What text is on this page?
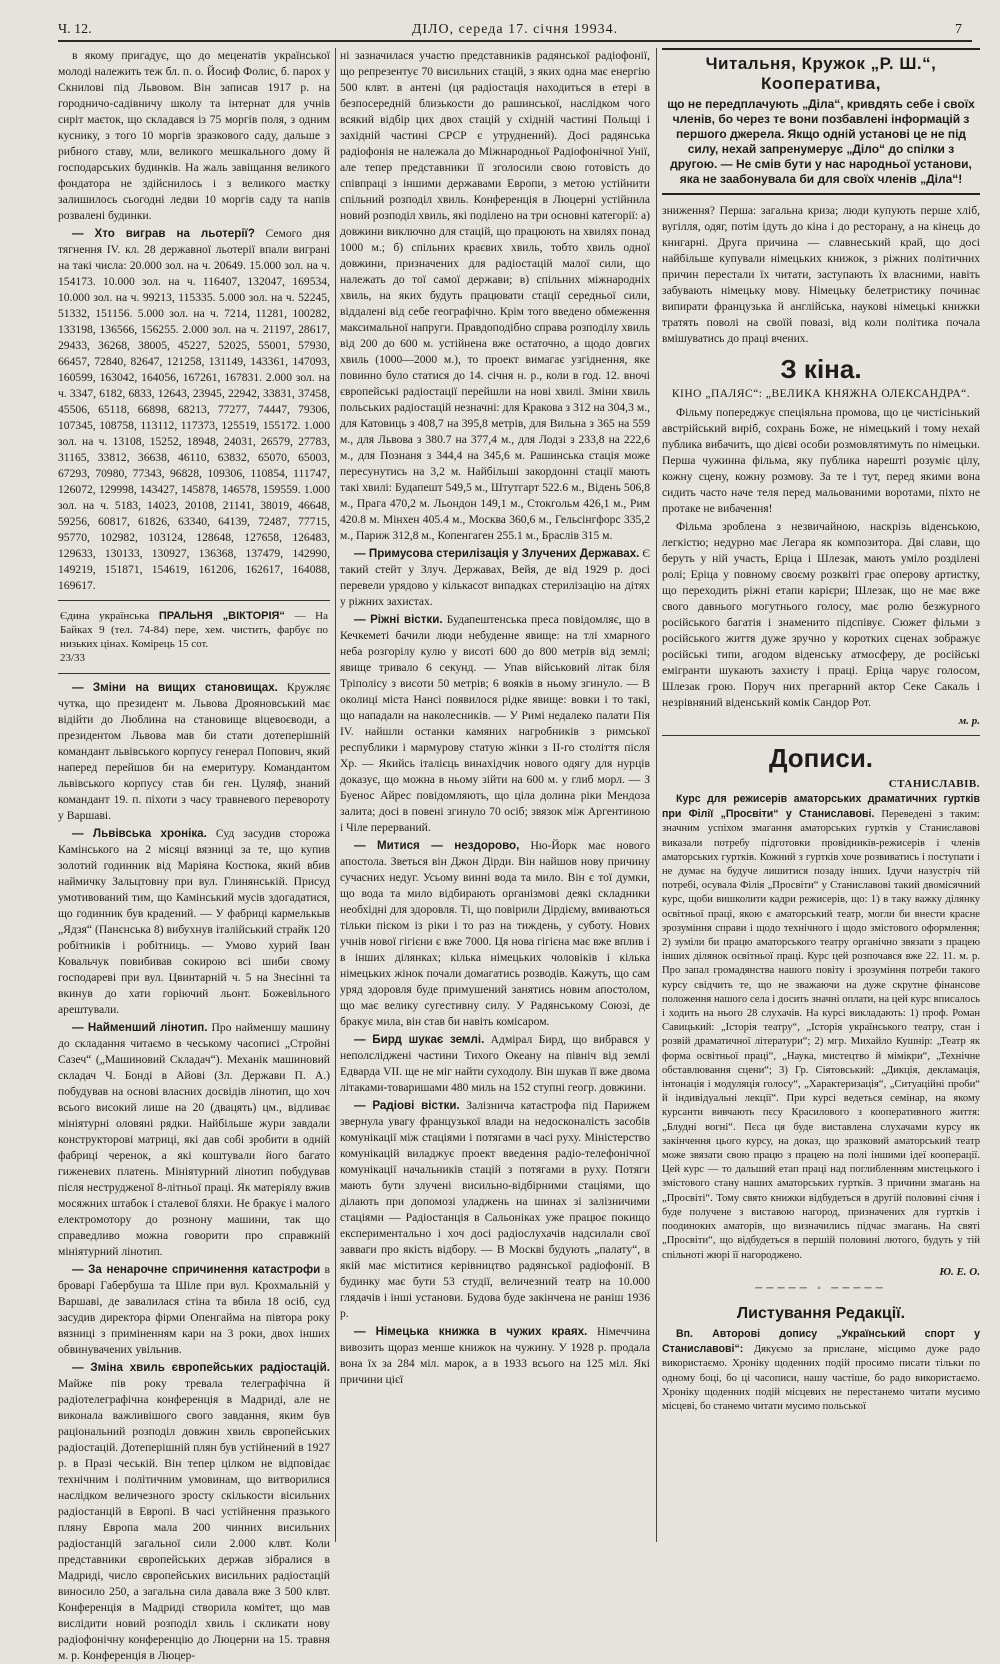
Ч. 12.	ДІЛО, середа 17. січня 19934.	7

в якому пригадує, що до меценатів української молоді належить теж бл. п. о. Йосиф Фолис, б. парох у Скнилові під Львовом. Він записав 1917 р. на городничо-садівничу школу та інтернат для учнів сиріт маєток, що складався із 75 моргів поля, з одним куснику, з того 10 моргів зразкового саду, дальше з рибного ставу, мли, великого мешкального дому й господарських будинків. На жаль завіщання великого фондатора не здійснилось і з великого маєтку залишилось сьогодні ледви 10 моргів саду та напів розвалені будинки.

— Хто виграв на льотерії? Семого дня тягнення IV. кл. 28 державної льотерії впали виграні на такі числа: 20.000 зол. на ч. 20649. 15.000 зол. на ч. 154173. 10.000 зол. на ч. 116407, 132047, 169534, 10.000 зол. на ч. 99213, 115335. 5.000 зол. на ч. 52245, 51332, 151156. 5.000 зол. на ч. 7214, 11281, 100282, 133198, 136566, 156255. 2.000 зол. на ч. 21197, 28617, 29433, 36268, 38005, 45227, 52025, 55001, 57930, 66457, 72840, 82647, 121258, 131149, 143361, 147093, 160599, 163042, 164056, 167261, 167831. 2.000 зол. на ч. 3347, 6182, 6833, 12643, 23945, 22942, 33831, 37458, 45506, 65118, 66898, 68213, 77277, 74447, 79306, 107345, 108758, 113112, 117373, 125519, 155172. 1.000 зол. на ч. 13108, 15252, 18948, 24031, 26579, 27783, 31165, 33812, 36638, 46110, 63832, 65070, 65003, 67293, 70980, 77343, 96828, 109306, 110854, 111747, 126072, 129998, 143427, 145878, 146578, 159559. 1.000 зол. на ч. 5183, 14023, 20108, 21141, 38019, 46648, 59256, 60817, 61826, 63340, 64139, 72487, 77715, 95770, 102982, 103124, 128648, 127658, 126483, 129633, 130133, 130927, 136368, 137479, 142990, 149219, 151871, 154619, 161206, 162617, 164088, 169617.

Єдина українська ПРАЛЬНЯ „ВІКТОРІЯ“ — На Байках 9 (тел. 74-84) пере, хем. чистить, фарбує по низьких цінах. Комірець 15 сот.
23/33

— Зміни на вищих становищах. Кружляє чутка, що президент м. Львова Дрояновський має відійти до Люблина на становище віцевоєводи, а президентом Львова мав би стати дотеперішній командант львівського корпусу генерал Попович, який наперед перейшов би на емеритуру. Командантом львівського корпусу став би ген. Цуляф, знаний командант 19. п. піхоти з часу травневого перевороту у Варшаві.

— Львівська хроніка. Суд засудив сторожа Камінського на 2 місяці вязниці за те, що купив золотий годинник від Маріяна Костюка, який вбив наймичку Зальцтовну при вул. Глинянській. Присуд умотивований тим, що Камінський мусів здогадатися, що годинник був крадений. — У фабриці кармелькыв „Ядзя“ (Панєнська 8) вибухнув італійський страйк 120 робітників і робітниць. — Умово хурий Іван Ковальчук повибивав сокирою всі шиби свому господареві при вул. Цвинтарній ч. 5 на Знесінні та вкинув до хати горіючий льонт. Божевільного арештували.

— Найменший лінотип. Про найменшу машину до складання читаємо в чеському часописі „Стройні Сазеч“ („Машиновий Складач“). Механік машиновий складач Ч. Бонді в Айові (Зл. Держави П. А.) побудував на основі власних досвідів лінотип, що хоч всього високий лише на 20 (двацять) цм., відливає мініятурні оловяні рядки. Найбільше жури завдали конструкторові матриці, які дав собі зробити в одній фабриці черенок, а які коштували його багато гиженевих платень. Мініятурний лінотип побудував після неструдженої 8-літньої праці. Як матеріялу вжив мосяжних штабок і сталевої бляхи. Не бракує і малого електромотору до рознону машини, так що справедливо можна говорити про справжній мініятурний лінотип.

— За ненарочне спричинення катастрофи в броварі Габербуша та Шіле при вул. Крохмальній у Варшаві, де завалилася стіна та вбила 18 осіб, суд засудив директора фірми Опенгайма на півтора року вязниці з приміненням кари на 3 роки, двох інших обвинувачених увільнив.

— Зміна хвиль європейських радіостацій. Майже пів року тревала телеграфічна й радіотелеграфічна конференція в Мадриді, але не виконала важливішого свого завдання, яким був раціональний розподіл довжин хвиль європейських радіостацій. Дотеперішній плян був устійнений в 1927 р. в Празі чеській. Він тепер цілком не відповідає технічним і політичним умовинам, що витворилися наслідком величезного зросту скількости вісильних радіостанцій в Европі. В часі устійнення празького пляну Европа мала 200 чинних висильних радіостанцій загальної сили 2.000 клвт. Коли представники європейських держав зібралися в Мадриді, число європейських висильних радіостацій виносило 250, а загальна сила давала вже 3 500 клвт. Конференція в Мадриді створила комітет, що мав вислідити новий розподіл хвиль і скликати нову радіофонічну конференцію до Люцерни на 15. травня м. р. Конференція в Люцер-

ні зазначилася участю представників радянської радіофонії, що репрезентує 70 висильних стацій, з яких одна має енергію 500 клвт. в антені (ця радіостація находиться в етері в безпосередній близькости до рашинської, наслідком чого всякий відбір цих двох стацій у східній частині Польщі і західній частині СРСР є утруднений). Досі радянська радіофонія не належала до Міжнародньої Радіофонічної Унії, але тепер представники її зголосили свою готовість до співпраці з іншими державами Европи, з метою устійнити спільний розподіл хвиль. Конференція в Люцерні устійнила новий розподіл хвиль, які поділено на три основні категорії: а) довжини виключно для стацій, що працюють на хвилях понад 1000 м.; б) спільних краєвих хвиль, тобто хвиль одної довжини, призначених для радіостацій малої сили, що належать до тої самої держави; в) спільних міжнародніх хвиль, на яких будуть працювати стації середньої сили, віддалені від себе географічно. Крім того введено обмеження максимальної напруги. Правдоподібно справа розподілу хвиль від 200 до 600 м. устійнена вже остаточно, а щодо довгих хвиль (1000—2000 м.), то проект вимагає узгіднення, яке повинно було статися до 14. січня н. р., коли в год. 12. вночі європейські радіостації перейшли на нові хвилі. Зміни хвиль польських радіостацій незначні: для Кракова з 312 на 304,3 м., для Катовиць з 408,7 на 395,8 метрів, для Вильна з 365 на 559 м., для Львова з 380.7 на 377,4 м., для Лодзі з 233,8 на 222,6 м., для Познаня з 344,4 на 345,6 м. Рашинська стація може пересунутись на 3,2 м. Найбільші закордонні стації мають такі хвилі: Будапешт 549,5 м., Штутгарт 522.6 м., Відень 506,8 м., Прага 470,2 м. Льондон 149,1 м., Стокгольм 426,1 м., Рим 420.8 м. Мінхен 405.4 м., Москва 360,6 м., Гельсінгфорс 335,2 м., Париж 312,8 м., Копенгаген 255.1 м., Браслів 315 м.

— Примусова стерилізація у Злучених Державах. Є такий стейт у Злуч. Державах, Вейя, де від 1929 р. досі перевели урядово у кількасот випадках стерилізацію на дітях у ріжних захистах.

— Ріжні вістки. Будапештенська преса повідомляє, що в Кечкеметі бачили люди небуденне явище: на тлі хмарного неба розгорілу кулю у висоті 600 до 800 метрів від землі; явище тривало 6 секунд. — Упав військовий літак біля Тріполісу з висоти 50 метрів; 6 вояків в ньому згинуло. — В околиці міста Нансі появилося рідке явище: вовки і то такі, що нападали на наколесників. — У Римі недалеко палати Пія IV. найшли останки камяних нагробників з римської республики і мармурову статую жінки з II-го століття після Хр. — Якийсь італієць винахідчик нового одягу для нурців доказує, що можна в ньому зійти на 600 м. у глиб морл. — З Буенос Айрес повідомляють, що ціла долина ріки Мендоза залита; досі в повені згинуло 70 осіб; звязок між Аргентиною і Чіле перерваний.

— Митися — нездорово, Ню-Йорк має нового апостола. Зветься він Джон Дірди. Він найшов нову причину сучасних недуг. Усьому винні вода та мило. Він є тої думки, що вода та мило відбирають організмові деякі складники необхідні для здоровля. Ті, що повірили Дірдієму, вмиваються тільки піском із ріки і то раз на тиждень, у суботу. Нових учнів нової гігієни є вже 7000. Ця нова гігієна має вже вплив і в інших ділянках; кілька німецьких чоловіків і кілька німецьких жінок почали домагатись розводів. Кажуть, що сам уряд здоровля буде примушений занятись новим апостолом, що має велику сугестивну силу. У Радянському Союзі, де бракує мила, він став би навіть комісаром.

— Бирд шукає землі. Адмірал Бирд, що вибрався у неполсліджені частини Тихого Океану на північ від землі Едварда VII. ще не міг найти суходолу. Він шукав її вже двома літаками-товаришами 480 миль на 152 ступні геогр. довжини.

— Радіові вістки. Залізнича катастрофа під Парижем звернула увагу французької влади на недосконалість засобів комунікації між стаціями і потягами в часі руху. Міністерство комунікацій виладжує проект введення радіо-телефонічної комунікації начальників стацій з потягами в руху. Потяги мають бути злучені висильно-відбірними стаціями, що ділають при допомозі уладжень на шинах зі залізничими стаціями — Радіостанція в Сальоніках уже працює покищо експериментально і хоч досі радіослухачів надсилали свої завваги про якість відбору. — В Москві будують „палату“, в якій має міститися керівництво радянської радіофонії. В будинку має бути 53 студії, величезний театр на 10.000 глядачів і інші установи. Будова буде закінчена не раніш 1936 р.

— Німецька книжка в чужих краях. Німеччина вивозить щораз менше книжок на чужину. У 1928 р. продала вона їх за 284 міл. марок, а в 1933 всього на 125 міл. Які причини цієї

Читальня, Кружок „Р. Ш.“, Кооператива,
що не передплачують „Діла“, кривдять себе і своїх членів, бо через те вони позбавлені інформацій з першого джерела. Якщо одній установі це не під силу, нехай запренумерує „Діло“ до спілки з другою. — Не смів бути у нас народньої установи, яка не заабонувала би для своїх членів „Діла“!

зниження? Перша: загальна криза; люди купують перше хліб, вугілля, одяг, потім ідуть до кіна і до ресторану, а на кінець до книгарні. Друга причина — славнеський край, що досі найбільше купували німецьких книжок, з ріжних політичних причин перестали їх читати, заступають їх власними, навіть забувають німецьку мову. Німецьку белетристику починає випирати французька й англійська, наукові німецькі книжки тратять поволі на своїй повазі, від коли політика почала вмішуватись до праці вчених.

З кіна.
КІНО „ПАЛЯС“: „ВЕЛИКА КНЯЖНА ОЛЕКСАНДРА“.

Фільму попереджує спеціяльна промова, що це чистісінький австрійський виріб, сохрань Боже, не німецький і тому нехай публика вибачить, що дієві особи розмовлятимуть по німецьки. Перша чужинна фільма, яку публика нарешті розуміє цілу, кожну сцену, кожну розмову. За те і тут, перед якими вона сидить часто наче теля перед мальованими воротами, піхто не протаке не вибачення!

Фільма зроблена з незвичайною, наскрізь віденською, легкістю; недурно має Легара як композитора. Дві слави, що беруть у ній участь, Ерiца і Шлезак, мають умілo розділені ролі; Еріца у повному своєму розквіті грає оперову артистку, що переходить ріжні етапи карієри; Шлезак, що не має вже свого давнього могутнього голосу, має ролю безжурного російського багатія і знаменито підспівує. Сюжет фільми з російського життя дуже зручно у коротких сценах зображує російські типи, агодом віденську атмосферу, де російські емігранти шукають захисту і праці. Еріца чарує голосом, Шлезак грою. Поруч них прегарний актор Секе Сакаль і незрівняний віденський комік Сандор Рот.

м. р.
Дописи.
СТАНИСЛАВІВ.

Курс для режисерів аматорських драматичних гуртків при Філії „Просвіти“ у Станиславові. Переведені з таким: значним успіхом змагання аматорських гуртків у Станиславові виказали потребу підготовки провідників-режисерів і членів аматорських гуртків. Кожний з гуртків хоче розвиватись і поступати і не думає на будуче лишитися позаду інших. Ідучи назустріч тій потребі, осувала Філія „Просвіти“ у Станиславові такий двомісячний курс, щоби вишколити кадри режисерів, що: 1) в таку важку ділянку освітньої праці, якою є аматорський театр, могли би внести красне зрозуміння справи і щодо технічного і щодо змістового оформлення; 2) зуміли би працю аматорського театру органічно звязати з працею інших ділянок освітньої праці. Курс цей розпочався вже 22. 11. м. р. Про запал громадянства нашого повіту і зрозуміння потреби такого курсу свідчить те, що не зважаючи на дуже скрутне фінансове положення нашого села і досить значні оплати, на цей курс вписалось і ходить на нього 28 слухачів. На курсі викладають: 1) проф. Роман Савицький: „Історія театру“, „Історія українського театру, стан і розвій драматичної літератури“; 2) мгр. Михайло Кушнір: „Театр як форма освітньої праці“, „Наука, мистецтво й мімікри“, „Технічне обставлювання сцени“; 3) Гр. Сіятовський: „Дикція, декламація, інтонація і модуляція голосу“, „Характеризація“, „Ситуаційні проби“ й індивідуальні лекції“. При курсі ведеться семінар, на якому курсанти вивчають пєсу Красилового з кооперативного життя: „Блудні вогні“. Пєса ця буде виставлена слухачами курсу як закінчення цього курсу, на доказ, що зразковий аматорський театр може звязати свою працю з працею на полі іншими ідеї кооперації. Цей курс — то дальший етап праці над поглибленням мистецького і змістового стану наших аматорських гуртків. З причини змагань на „Просвіті“. Тому свято книжки відбудеться в другій половині січня і буде получене з виставою нагород, призначених для гуртків і поодиноких аматорів, що визначились підчас змагань. На святі „Просвіти“, що відбудеться в першій половині лютого, будуть у тій спільноті жюрі її нагороджено.

Ю. Е. О.
───── ◦ ─────
Листування Редакції.

Вп. Авторові допису „Український спорт у Станиславові“: Дякуємо за приcлане, місцимо дуже радо використаємо. Хроніку щоденних подій просимо писати тільки по одному боці, бо ці часописи, нашу частіше, бо радо використаємо. Хроніку щоденних подій місцевих не перестанемо читати мусимо місцеві, бо станемо читати мусимо польської
